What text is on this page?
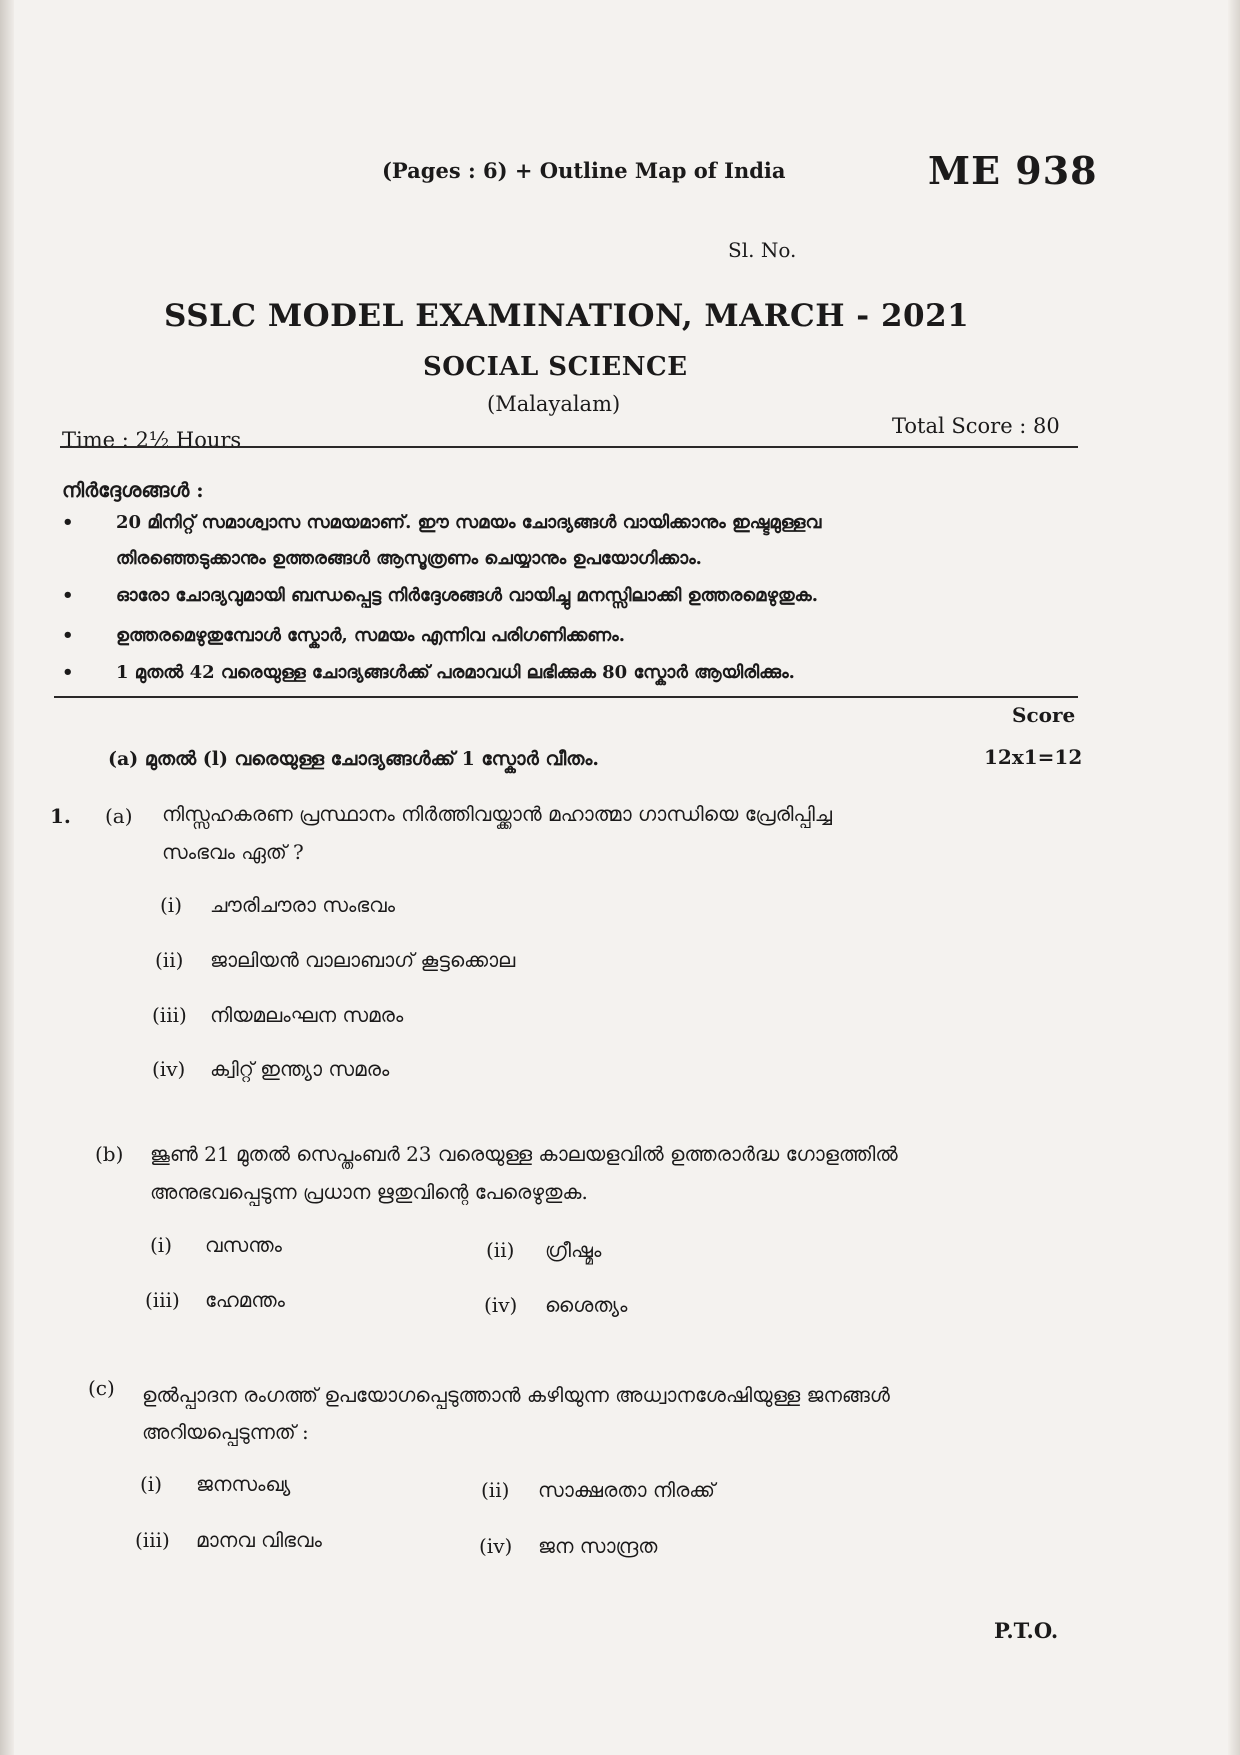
(Pages : 6) + Outline Map of India	ME 938
Sl. No.
SSLC MODEL EXAMINATION, MARCH - 2021
SOCIAL SCIENCE
(Malayalam)
Time : 2½ Hours
Total Score : 80
നിർദ്ദേശങ്ങൾ :
• 20 മിനിറ്റ് സമാശ്വാസ സമയമാണ്. ഈ സമയം ചോദ്യങ്ങൾ വായിക്കാനും ഇഷ്ടമുള്ളവ
തിരഞ്ഞെടുക്കാനും ഉത്തരങ്ങൾ ആസൂത്രണം ചെയ്യാനും ഉപയോഗിക്കാം.
• ഓരോ ചോദ്യവുമായി ബന്ധപ്പെട്ട നിർദ്ദേശങ്ങൾ വായിച്ചു മനസ്സിലാക്കി ഉത്തരമെഴുതുക.
• ഉത്തരമെഴുതുമ്പോൾ സ്കോർ, സമയം എന്നിവ പരിഗണിക്കണം.
• 1 മുതൽ 42 വരെയുള്ള ചോദ്യങ്ങൾക്ക് പരമാവധി ലഭിക്കുക 80 സ്കോർ ആയിരിക്കും.
Score
(a) മുതൽ (l) വരെയുള്ള ചോദ്യങ്ങൾക്ക് 1 സ്കോർ വീതം.	12x1=12
1. (a) നിസ്സഹകരണ പ്രസ്ഥാനം നിർത്തിവയ്ക്കാൻ മഹാത്മാ ഗാന്ധിയെ പ്രേരിപ്പിച്ച
സംഭവം ഏത് ?
(i) ചൗരിചൗരാ സംഭവം
(ii) ജാലിയൻ വാലാബാഗ് കൂട്ടക്കൊല
(iii) നിയമലംഘന സമരം
(iv) ക്വിറ്റ് ഇന്ത്യാ സമരം
(b) ജൂൺ 21 മുതൽ സെപ്തംബർ 23 വരെയുള്ള കാലയളവിൽ ഉത്തരാർദ്ധ ഗോളത്തിൽ
അനുഭവപ്പെടുന്ന പ്രധാന ഋതുവിന്റെ പേരെഴുതുക.
(i) വസന്തം	(ii) ഗ്രീഷ്മം
(iii) ഹേമന്തം	(iv) ശൈത്യം
(c) ഉൽപ്പാദന രംഗത്ത് ഉപയോഗപ്പെടുത്താൻ കഴിയുന്ന അധ്വാനശേഷിയുള്ള ജനങ്ങൾ
അറിയപ്പെടുന്നത് :
(i) ജനസംഖ്യ	(ii) സാക്ഷരതാ നിരക്ക്
(iii) മാനവ വിഭവം	(iv) ജന സാന്ദ്രത
P.T.O.
